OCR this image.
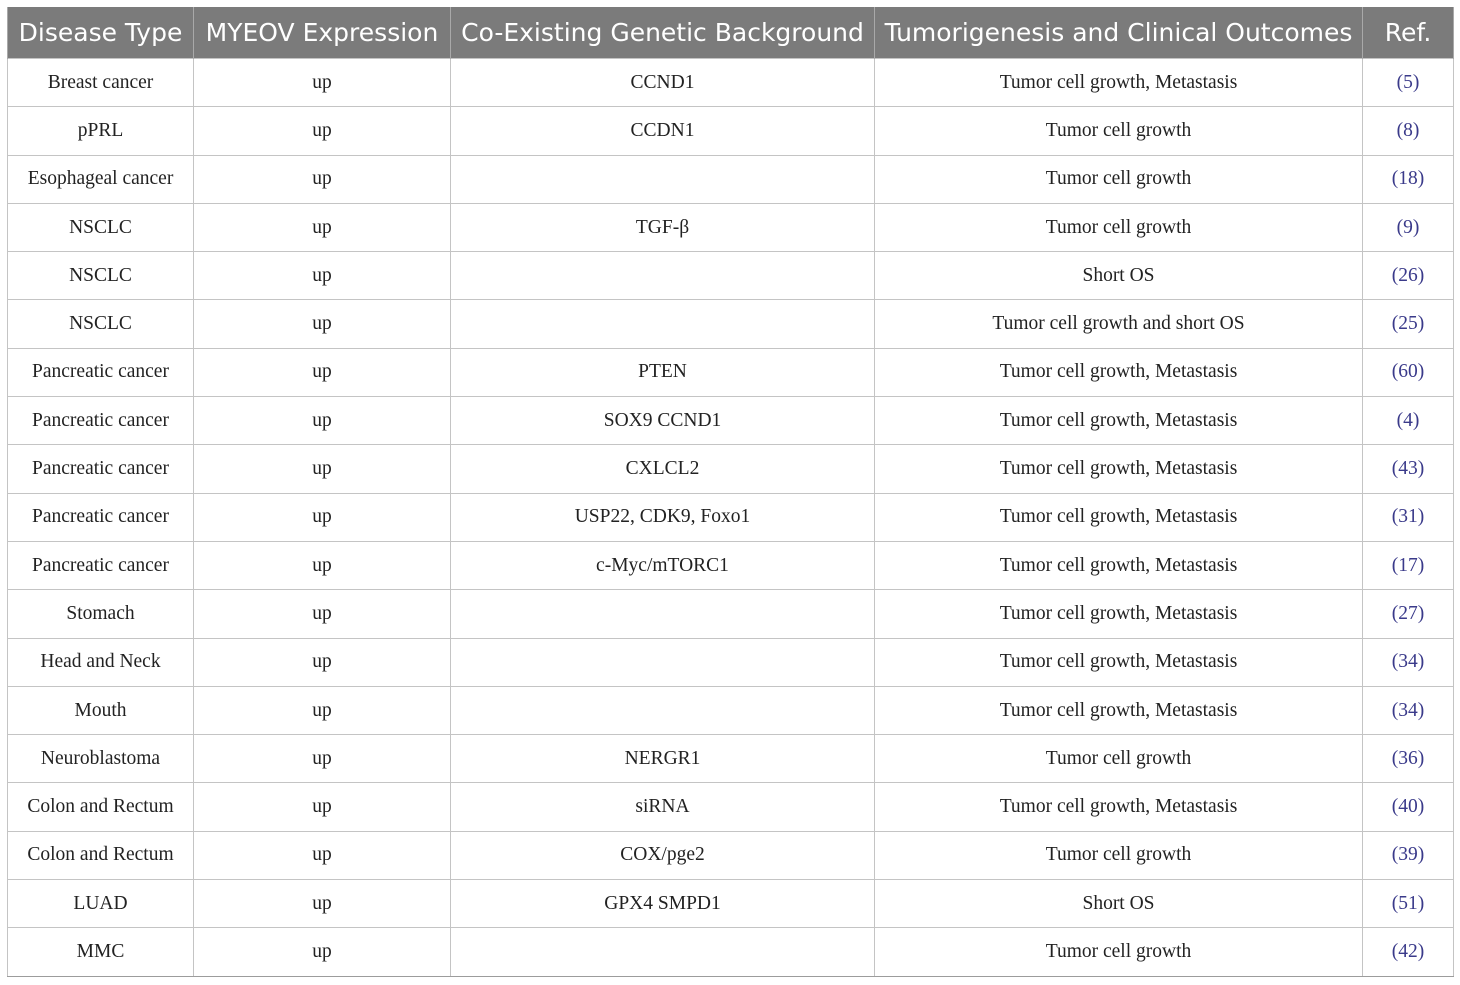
Disease Type	MYEOV Expression	Co-Existing Genetic Background	Tumorigenesis and Clinical Outcomes	Ref.
Breast cancer	up	CCND1	Tumor cell growth, Metastasis	(5)
pPRL	up	CCDN1	Tumor cell growth	(8)
Esophageal cancer	up		Tumor cell growth	(18)
NSCLC	up	TGF-β	Tumor cell growth	(9)
NSCLC	up		Short OS	(26)
NSCLC	up		Tumor cell growth and short OS	(25)
Pancreatic cancer	up	PTEN	Tumor cell growth, Metastasis	(60)
Pancreatic cancer	up	SOX9 CCND1	Tumor cell growth, Metastasis	(4)
Pancreatic cancer	up	CXLCL2	Tumor cell growth, Metastasis	(43)
Pancreatic cancer	up	USP22, CDK9, Foxo1	Tumor cell growth, Metastasis	(31)
Pancreatic cancer	up	c-Myc/mTORC1	Tumor cell growth, Metastasis	(17)
Stomach	up		Tumor cell growth, Metastasis	(27)
Head and Neck	up		Tumor cell growth, Metastasis	(34)
Mouth	up		Tumor cell growth, Metastasis	(34)
Neuroblastoma	up	NERGR1	Tumor cell growth	(36)
Colon and Rectum	up	siRNA	Tumor cell growth, Metastasis	(40)
Colon and Rectum	up	COX/pge2	Tumor cell growth	(39)
LUAD	up	GPX4 SMPD1	Short OS	(51)
MMC	up		Tumor cell growth	(42)
